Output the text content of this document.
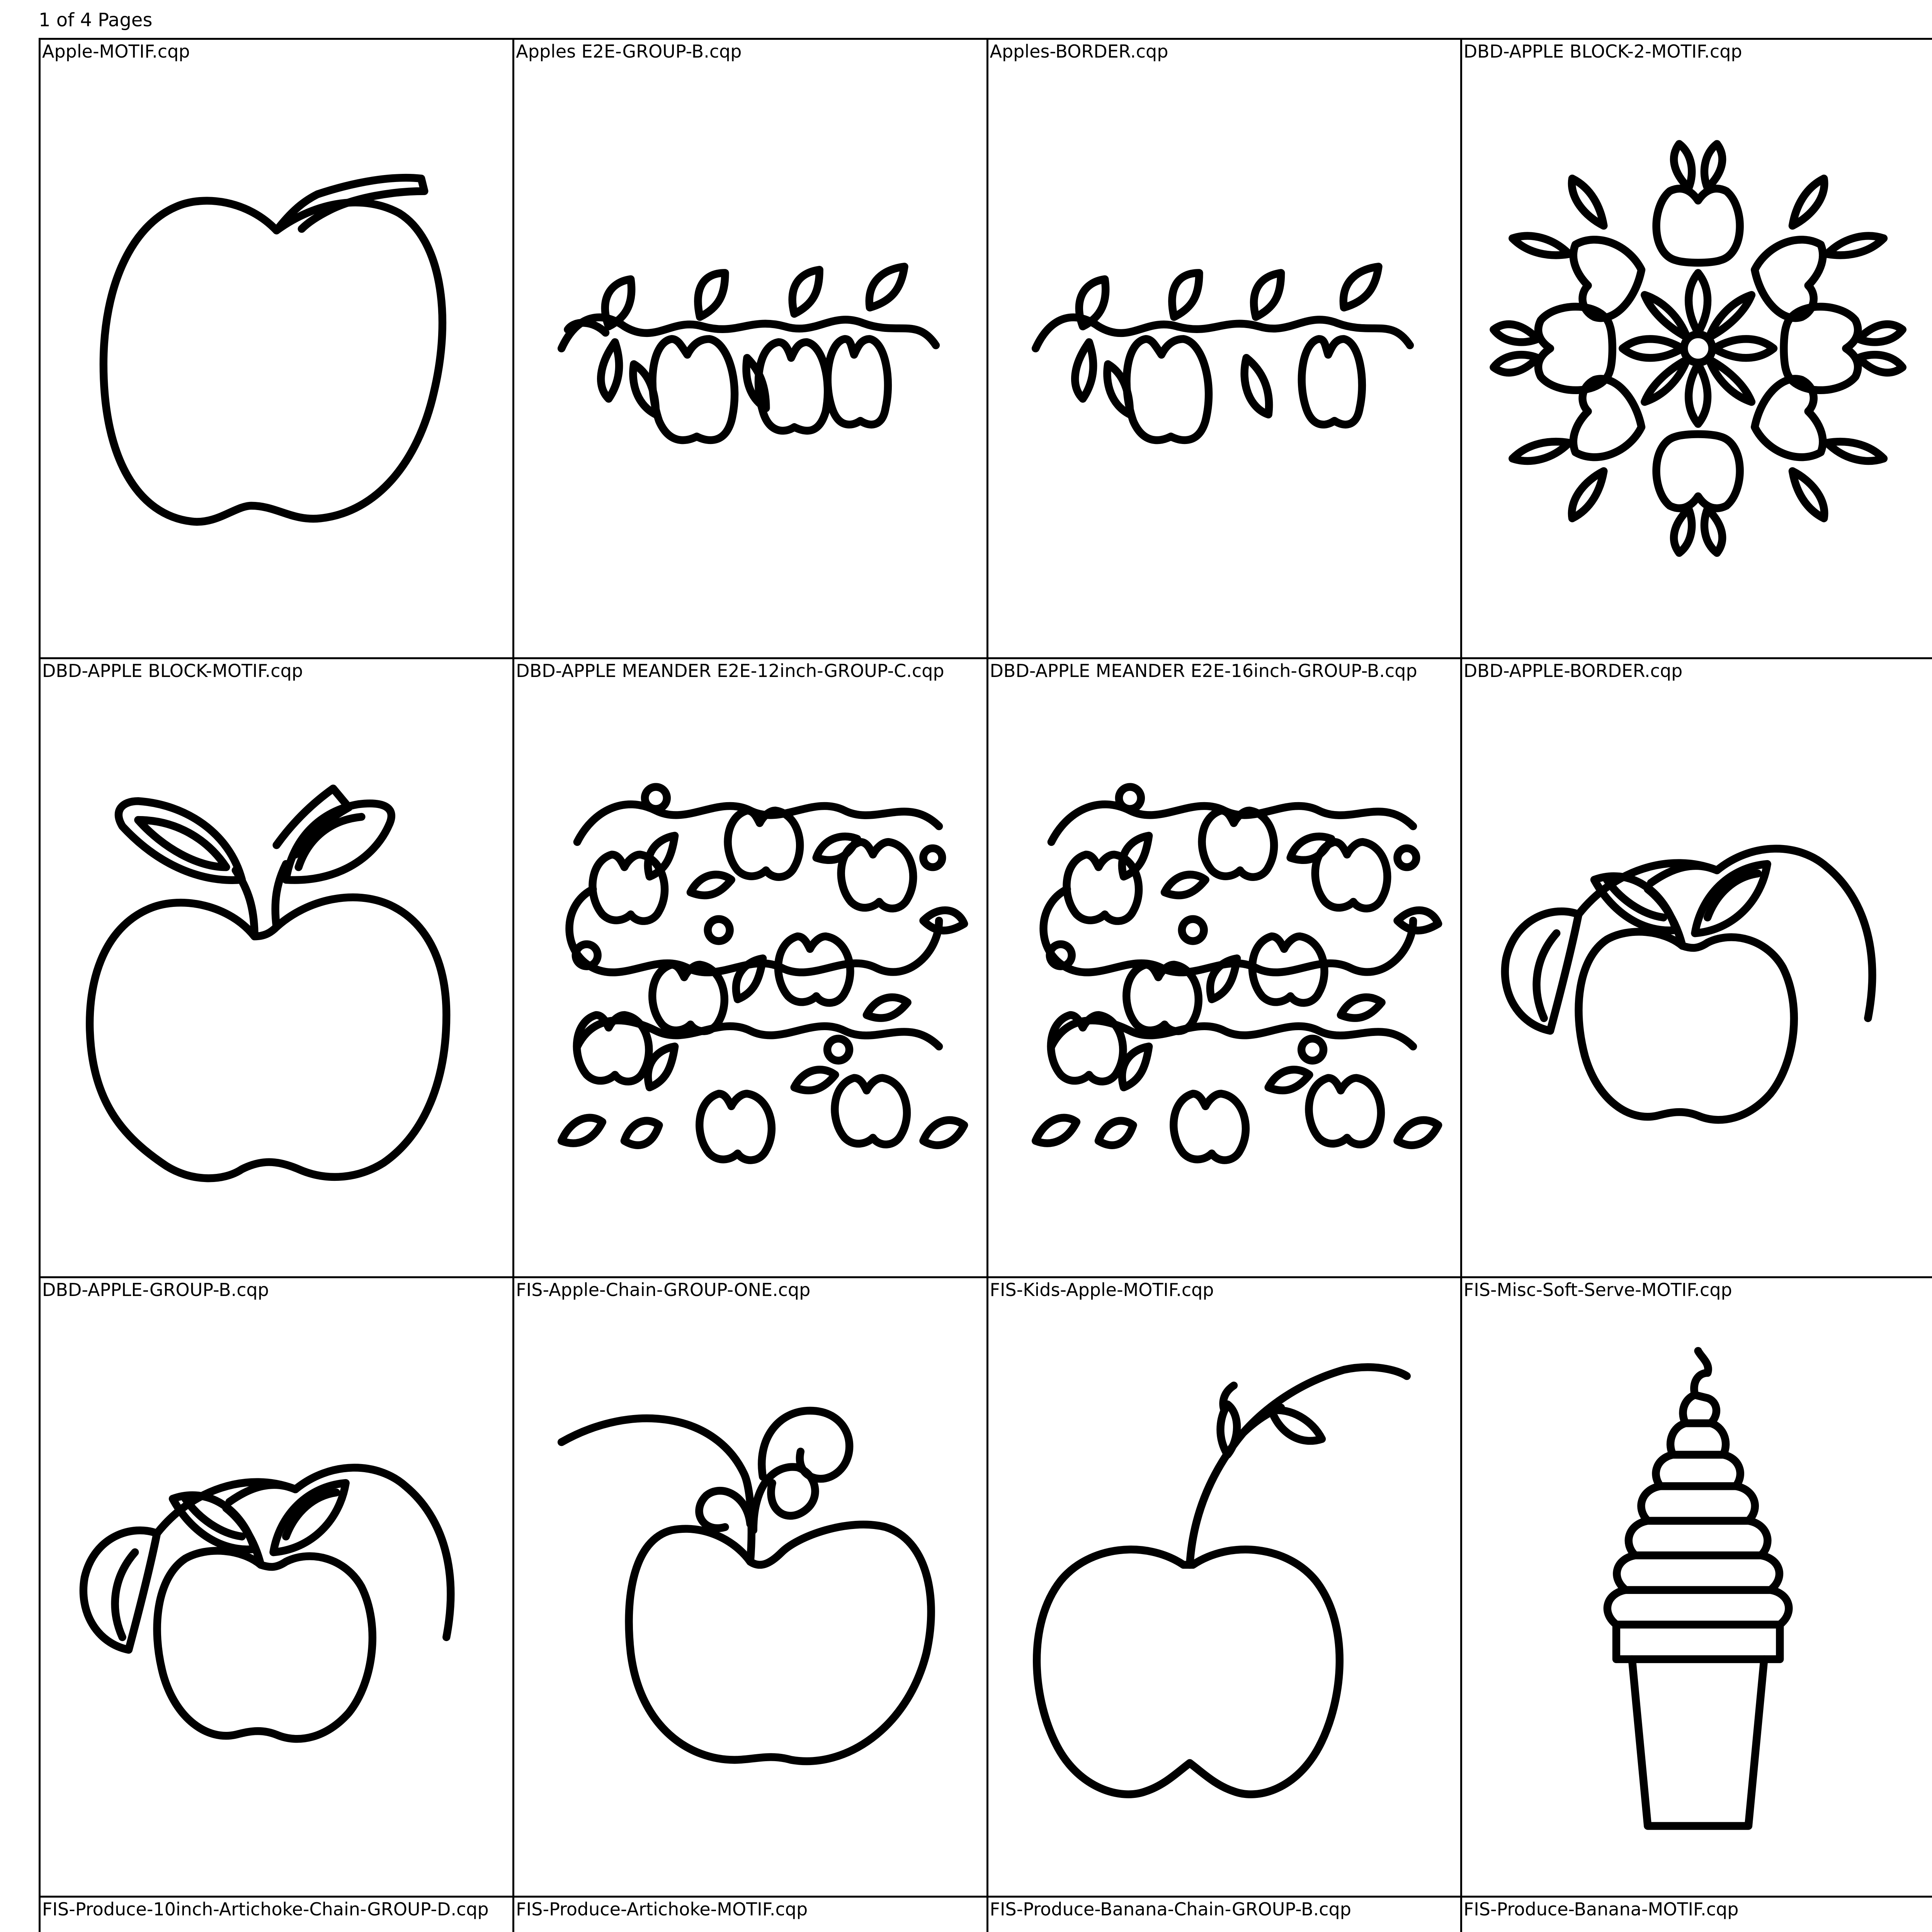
1 of 4 Pages
Apple-MOTIF.cqp	Apples E2E-GROUP-B.cqp	Apples-BORDER.cqp	DBD-APPLE BLOCK-2-MOTIF.cqp
DBD-APPLE BLOCK-MOTIF.cqp	DBD-APPLE MEANDER E2E-12inch-GROUP-C.cqp	DBD-APPLE MEANDER E2E-16inch-GROUP-B.cqp	DBD-APPLE-BORDER.cqp
DBD-APPLE-GROUP-B.cqp	FIS-Apple-Chain-GROUP-ONE.cqp	FIS-Kids-Apple-MOTIF.cqp	FIS-Misc-Soft-Serve-MOTIF.cqp
FIS-Produce-10inch-Artichoke-Chain-GROUP-D.cqp FIS-Produce-Artichoke-MOTIF.cqp	FIS-Produce-Banana-Chain-GROUP-B.cqp	FIS-Produce-Banana-MOTIF.cqp
